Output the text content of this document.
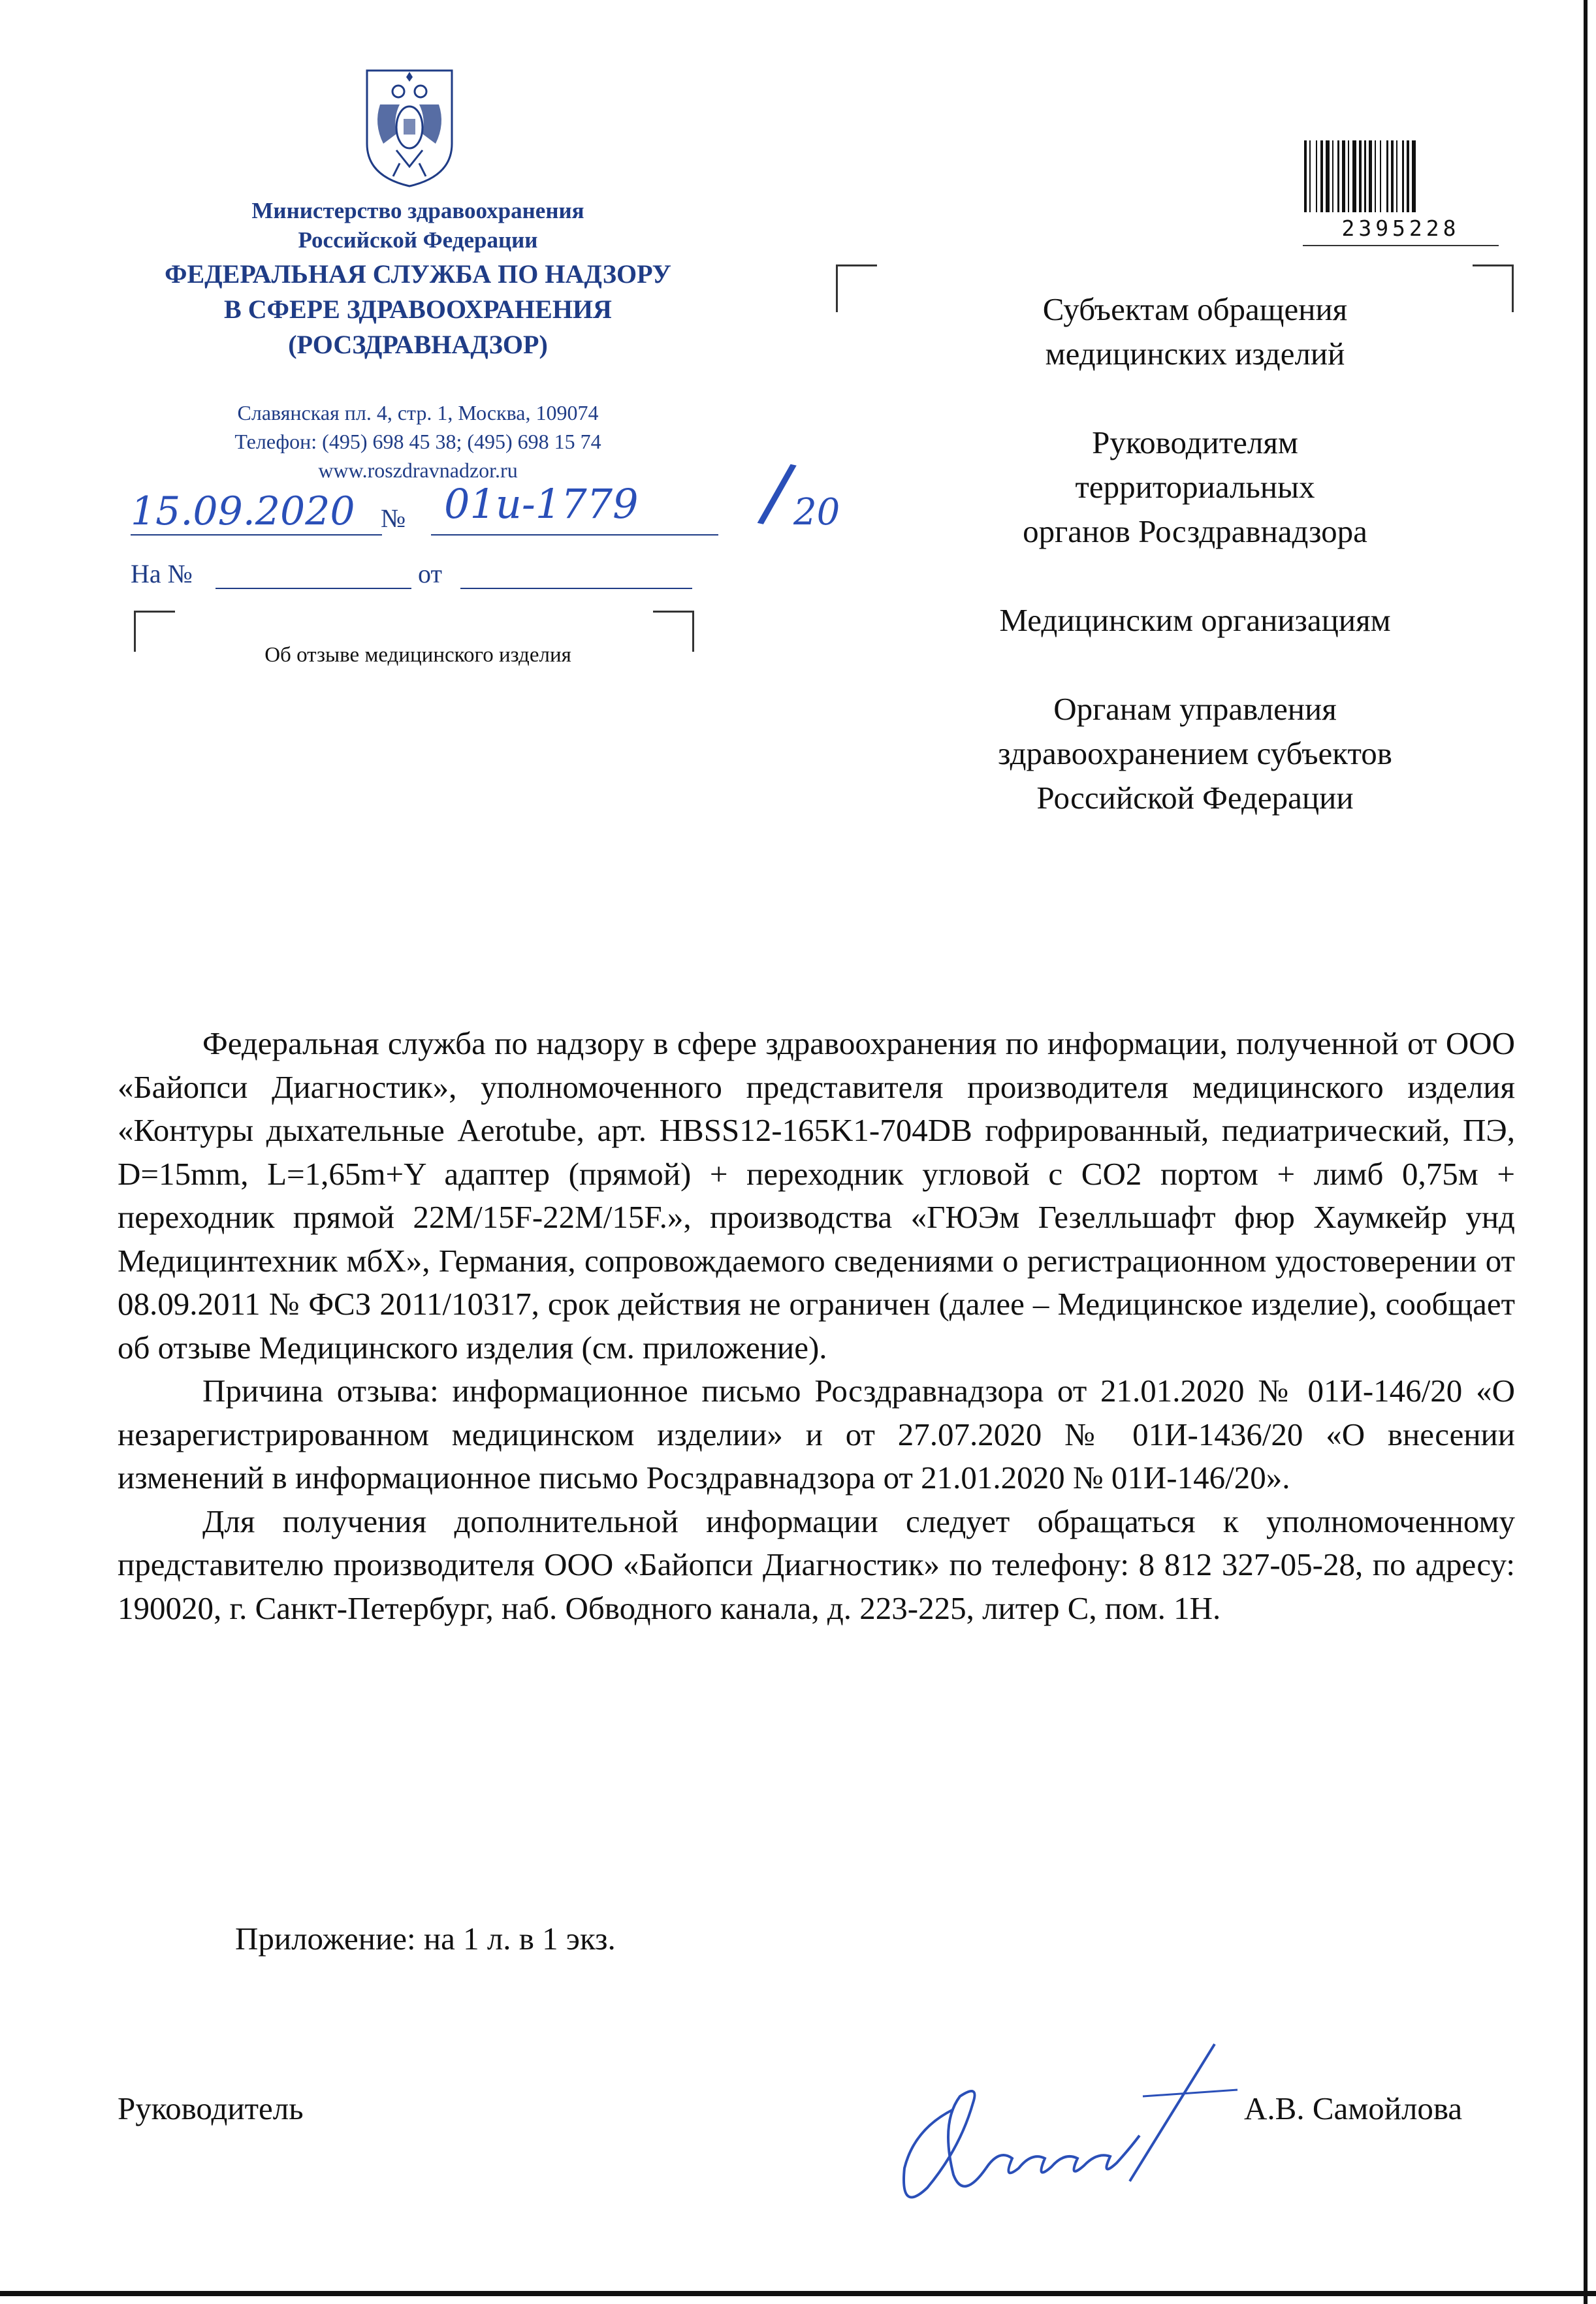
Министерство здравоохранения
Российской Федерации
ФЕДЕРАЛЬНАЯ СЛУЖБА ПО НАДЗОРУ
В СФЕРЕ ЗДРАВООХРАНЕНИЯ
(РОСЗДРАВНАДЗОР)
Славянская пл. 4, стр. 1, Москва, 109074
Телефон: (495) 698 45 38; (495) 698 15 74
www.roszdravnadzor.ru
15.09.2020 № 01и-1779 /
20
На №	от
Об отзыве медицинского изделия
2395228
Субъектам обращения
медицинских изделий
Руководителям
территориальных
органов Росздравнадзора
Медицинским организациям
Органам управления
здравоохранением субъектов
Российской Федерации

Федеральная служба по надзору в сфере здравоохранения по информации, полученной от ООО «Байопси Диагностик», уполномоченного представителя производителя медицинского изделия «Контуры дыхательные Aerotube, арт. HBSS12-165K1-704DB гофрированный, педиатрический, ПЭ, D=15mm, L=1,65m+Y адаптер (прямой) + переходник угловой с СО2 портом + лимб 0,75м + переходник прямой 22М/15F-22M/15F.», производства «ГЮЭм Гезелльшафт фюр Хаумкейр унд Медицинтехник мбХ», Германия, сопровождаемого сведениями о регистрационном удостоверении от 08.09.2011 № ФСЗ 2011/10317, срок действия не ограничен (далее – Медицинское изделие), сообщает об отзыве Медицинского изделия (см. приложение).

Причина отзыва: информационное письмо Росздравнадзора от 21.01.2020 № 01И-146/20 «О незарегистрированном медицинском изделии» и от 27.07.2020 № 01И-1436/20 «О внесении изменений в информационное письмо Росздравнадзора от 21.01.2020 № 01И-146/20».

Для получения дополнительной информации следует обращаться к уполномоченному представителю производителя ООО «Байопси Диагностик» по телефону: 8 812 327-05-28, по адресу: 190020, г. Санкт-Петербург, наб. Обводного канала, д. 223-225, литер С, пом. 1Н.

Приложение: на 1 л. в 1 экз.
Руководитель	А.В. Самойлова
